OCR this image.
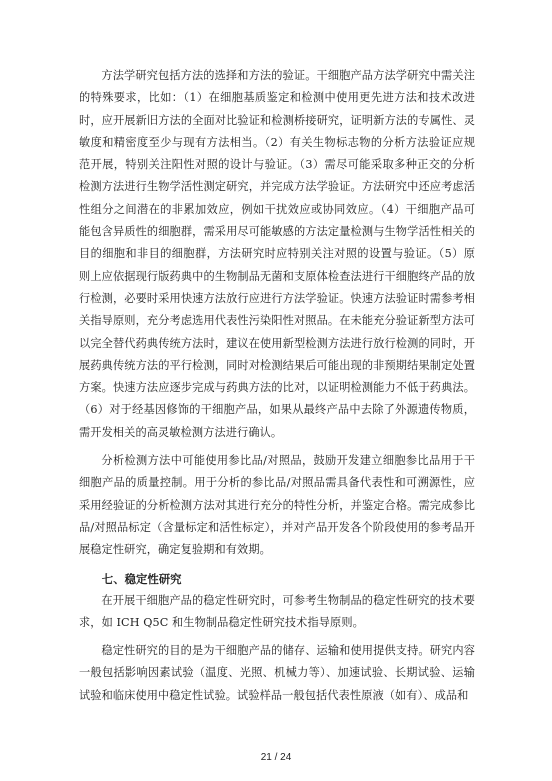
方法学研究包括方法的选择和方法的验证。干细胞产品方法学研究中需关注的特殊要求，比如：（1）在细胞基质鉴定和检测中使用更先进方法和技术改进时，应开展新旧方法的全面对比验证和检测桥接研究，证明新方法的专属性、灵敏度和精密度至少与现有方法相当。（2）有关生物标志物的分析方法验证应规范开展，特别关注阳性对照的设计与验证。（3）需尽可能采取多种正交的分析检测方法进行生物学活性测定研究，并完成方法学验证。方法研究中还应考虑活性组分之间潜在的非累加效应，例如干扰效应或协同效应。（4）干细胞产品可能包含异质性的细胞群，需采用尽可能敏感的方法定量检测与生物学活性相关的目的细胞和非目的细胞群，方法研究时应特别关注对照的设置与验证。（5）原则上应依据现行版药典中的生物制品无菌和支原体检查法进行干细胞终产品的放行检测，必要时采用快速方法放行应进行方法学验证。快速方法验证时需参考相关指导原则，充分考虑选用代表性污染阳性对照品。在未能充分验证新型方法可以完全替代药典传统方法时，建议在使用新型检测方法进行放行检测的同时，开展药典传统方法的平行检测，同时对检测结果后可能出现的非预期结果制定处置方案。快速方法应逐步完成与药典方法的比对，以证明检测能力不低于药典法。（6）对于经基因修饰的干细胞产品，如果从最终产品中去除了外源遗传物质，需开发相关的高灵敏检测方法进行确认。

分析检测方法中可能使用参比品/对照品，鼓励开发建立细胞参比品用于干细胞产品的质量控制。用于分析的参比品/对照品需具备代表性和可溯源性，应采用经验证的分析检测方法对其进行充分的特性分析，并鉴定合格。需完成参比品/对照品标定（含量标定和活性标定），并对产品开发各个阶段使用的参考品开展稳定性研究，确定复验期和有效期。

七、稳定性研究

在开展干细胞产品的稳定性研究时，可参考生物制品的稳定性研究的技术要求，如 ICH Q5C 和生物制品稳定性研究技术指导原则。

稳定性研究的目的是为干细胞产品的储存、运输和使用提供支持。研究内容一般包括影响因素试验（温度、光照、机械力等）、加速试验、长期试验、运输试验和临床使用中稳定性试验。试验样品一般包括代表性原液（如有）、成品和

21 / 24
